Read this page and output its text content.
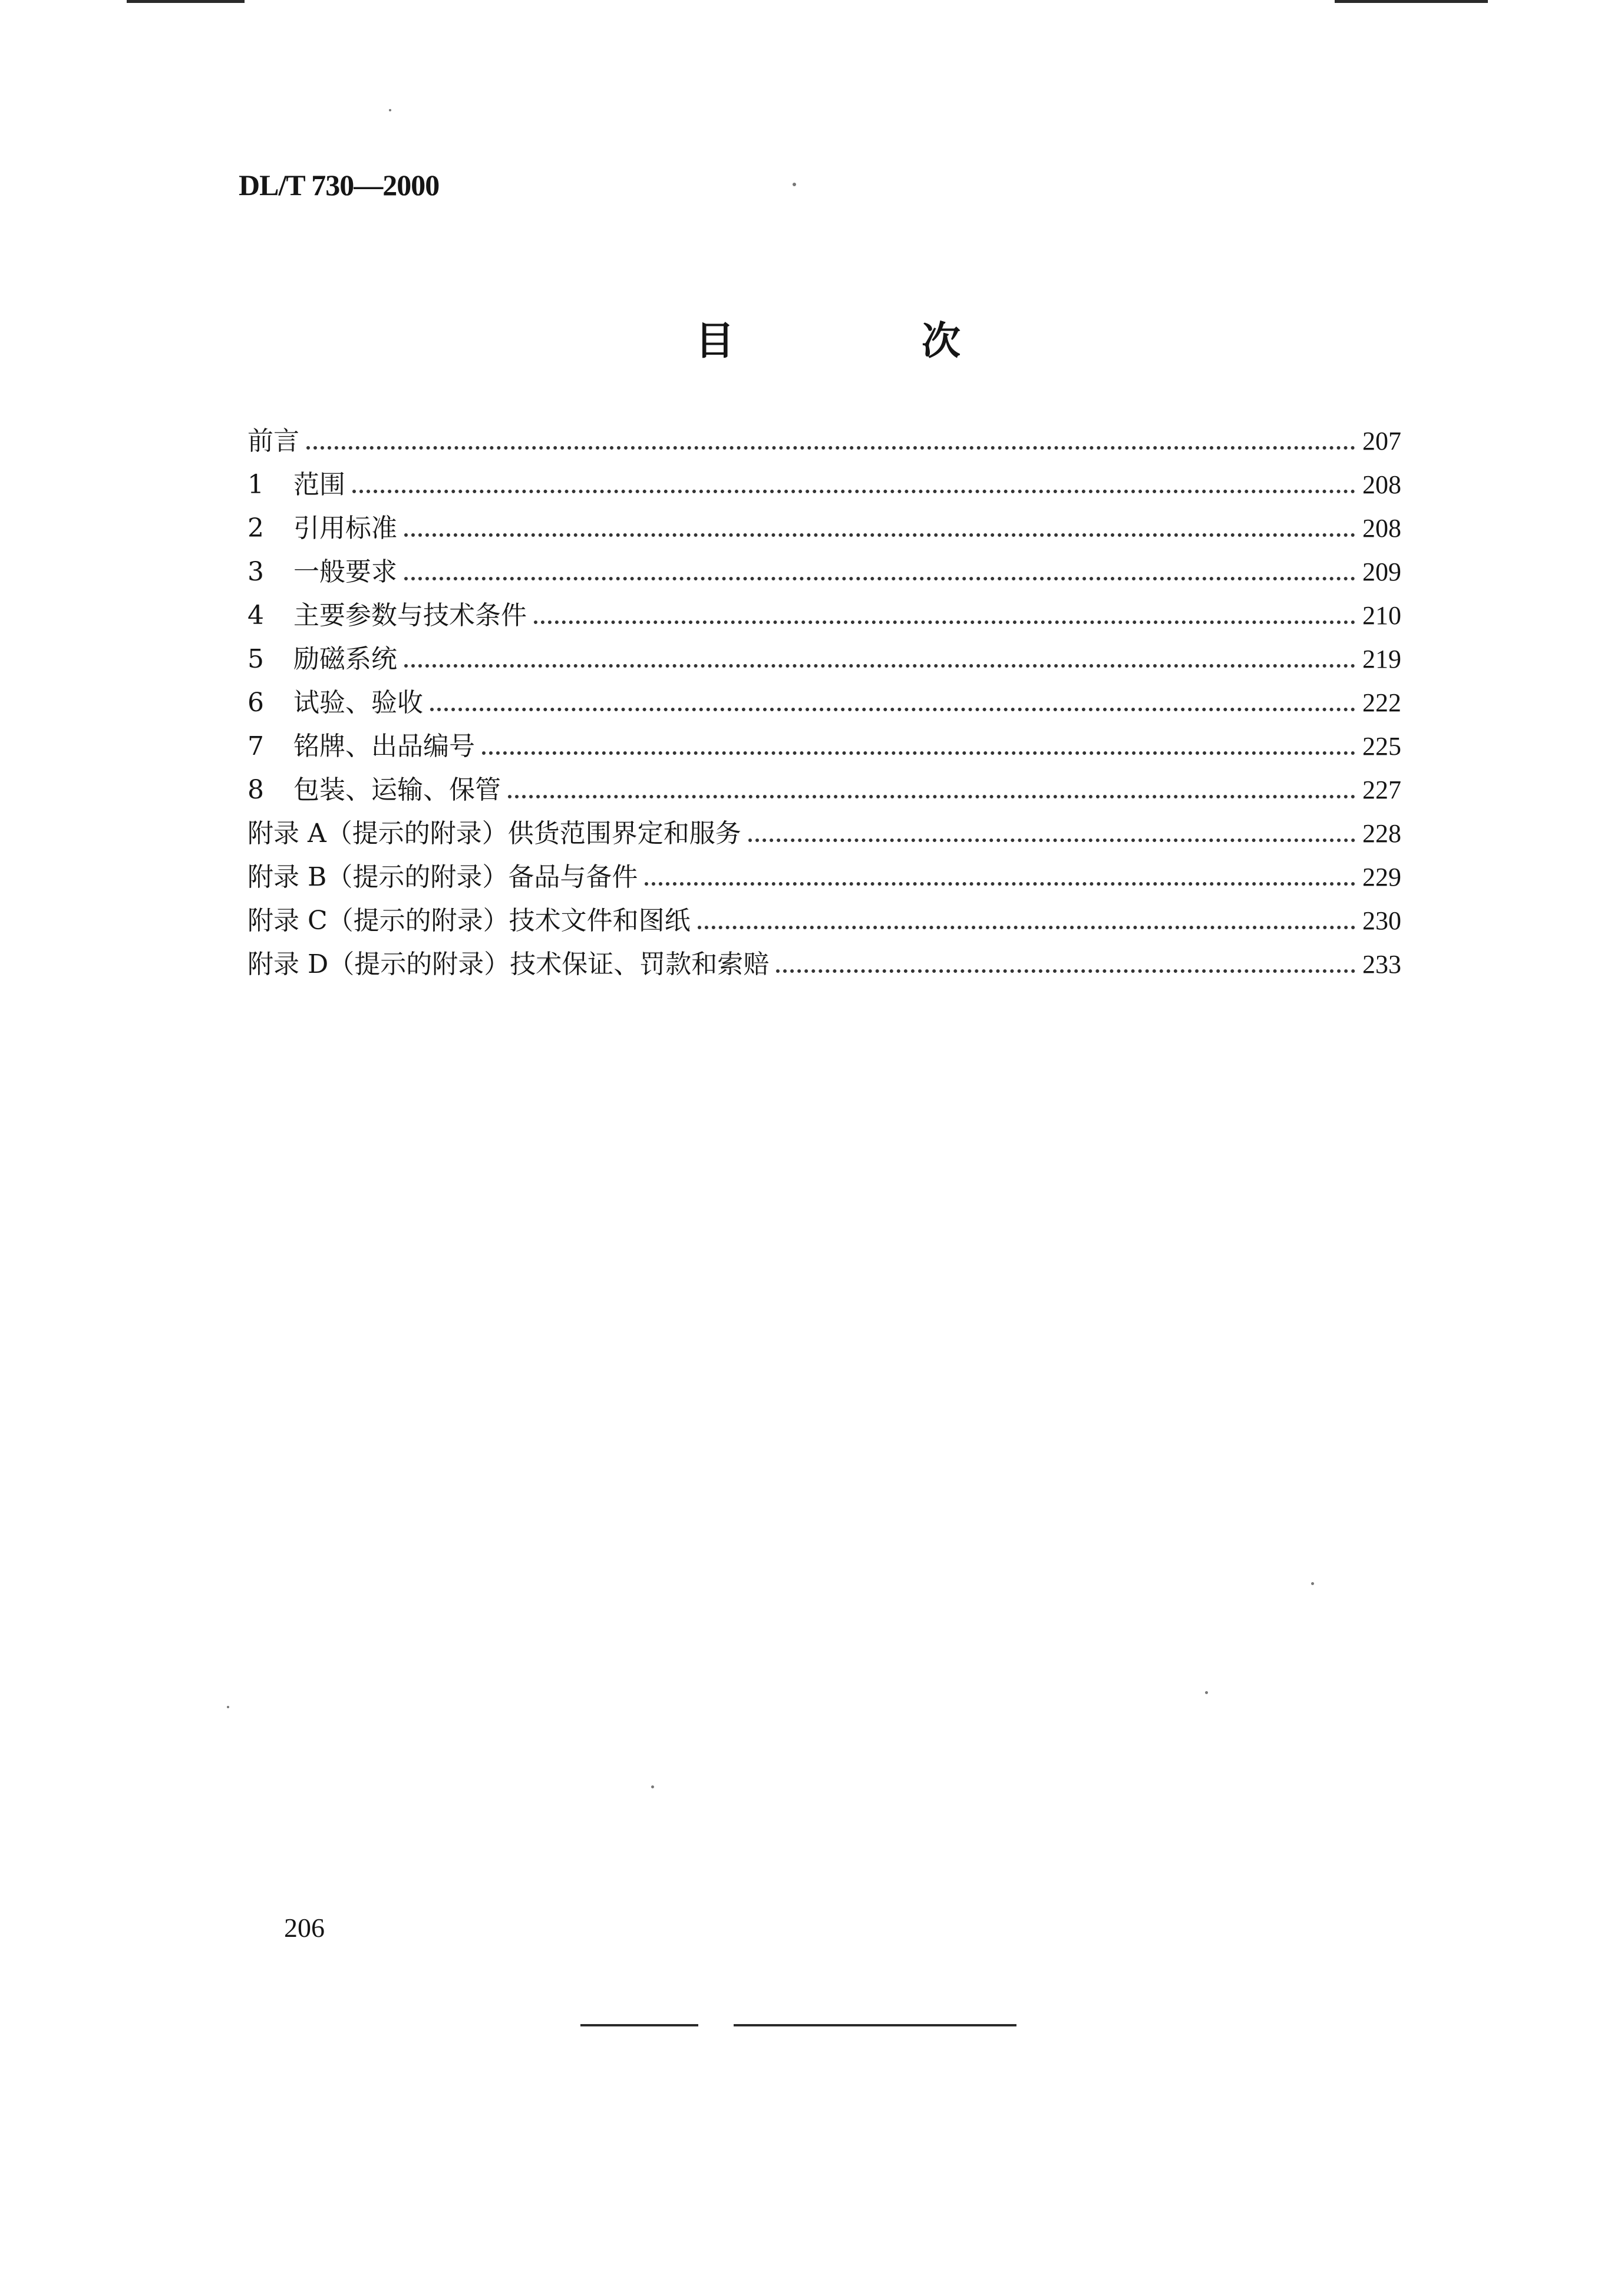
DL/T 730—2000
目	次
前言	207
1	范围	208
2	引用标准	208
3	一般要求	209
4	主要参数与技术条件	210
5	励磁系统	219
6	试验、验收	222
7	铭牌、出品编号	225
8	包装、运输、保管	227
附录 A（提示的附录）供货范围界定和服务	228
附录 B（提示的附录）备品与备件	229
附录 C（提示的附录）技术文件和图纸	230
附录 D（提示的附录）技术保证、罚款和索赔	233
206
